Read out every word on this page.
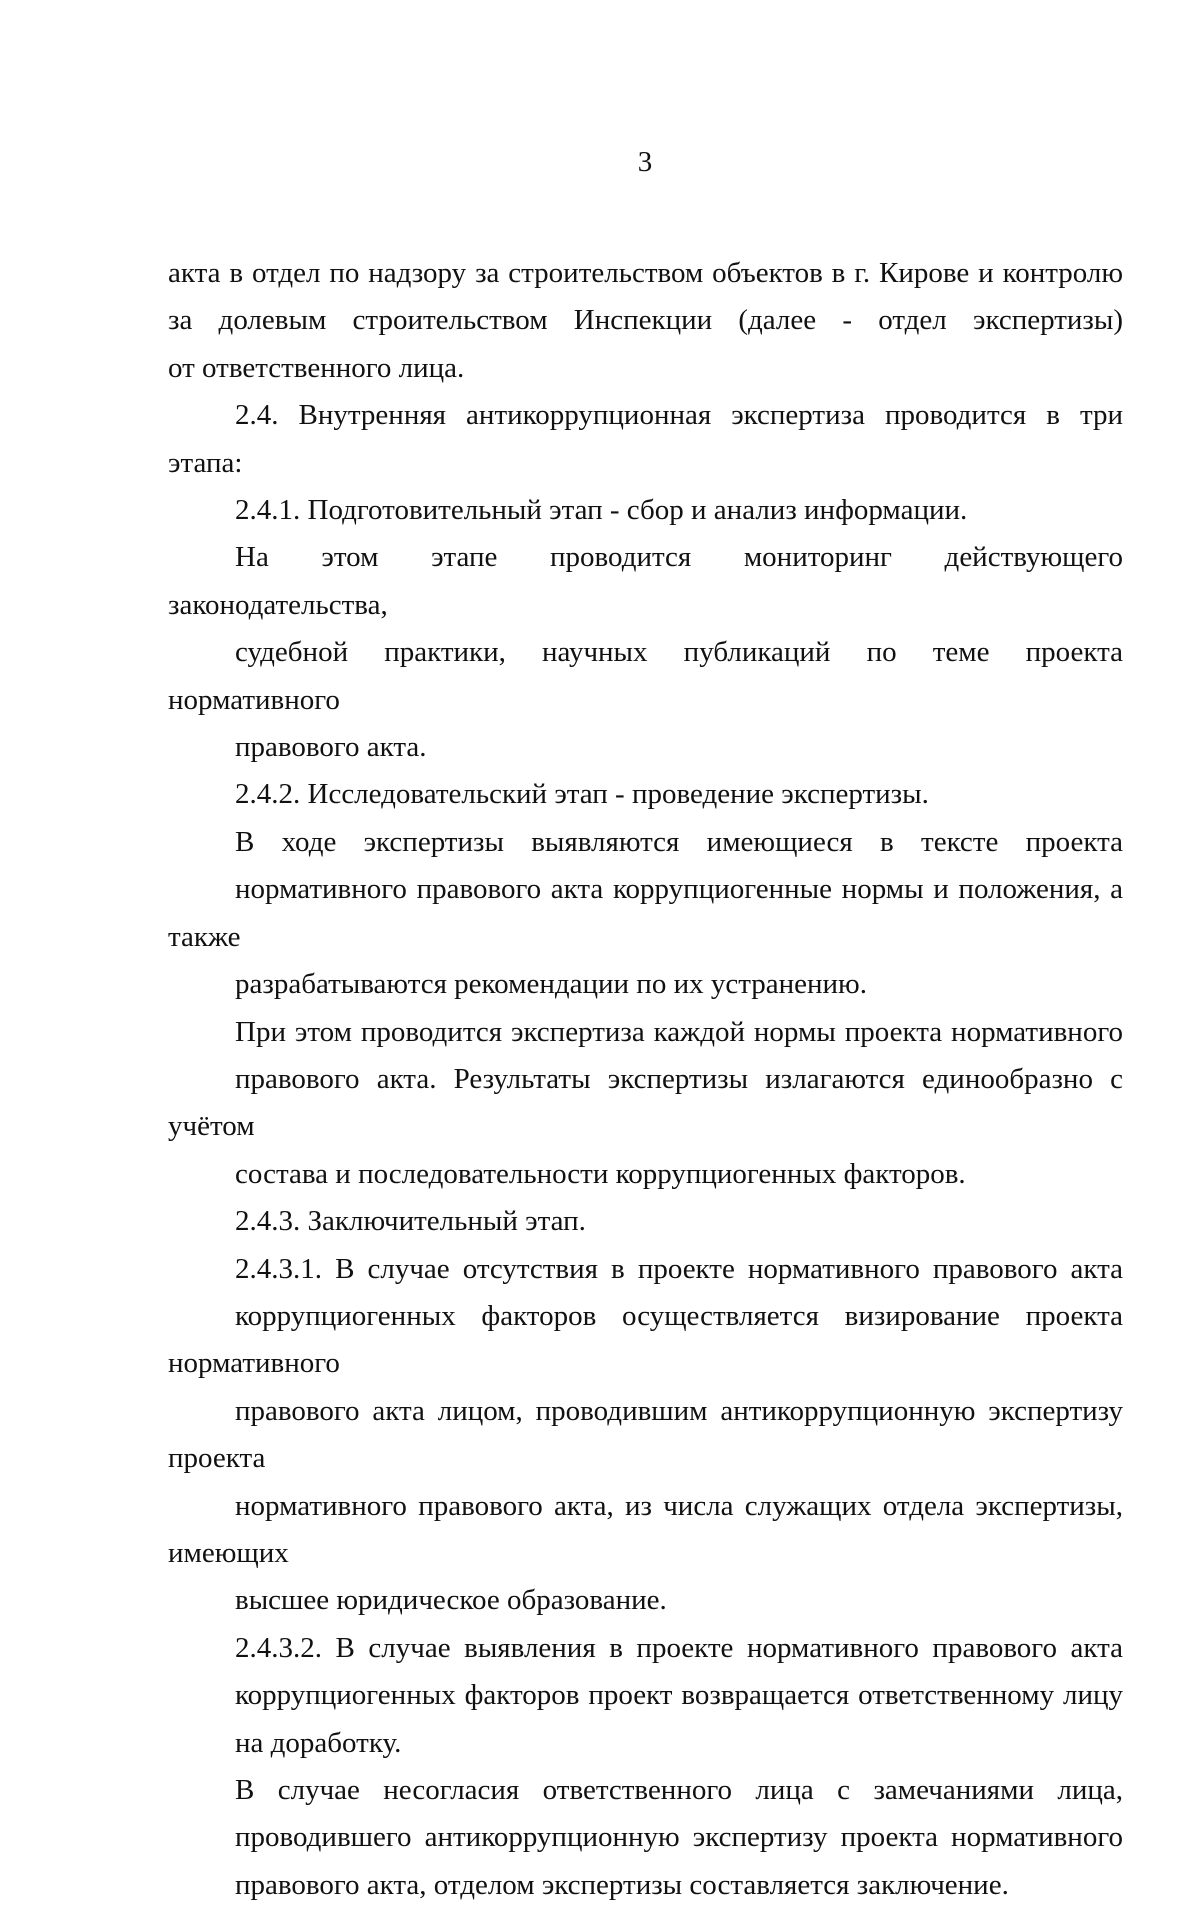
3
акта в отдел по надзору за строительством объектов в г. Кирове и контролю
за долевым строительством Инспекции (далее - отдел экспертизы)
от ответственного лица.
2.4. Внутренняя антикоррупционная экспертиза проводится в три этапа:
2.4.1. Подготовительный этап - сбор и анализ информации.
На этом этапе проводится мониторинг действующего законодательства,
судебной практики, научных публикаций по теме проекта нормативного
правового акта.
2.4.2. Исследовательский этап - проведение экспертизы.
В ходе экспертизы выявляются имеющиеся в тексте проекта
нормативного правового акта коррупциогенные нормы и положения, а также
разрабатываются рекомендации по их устранению.
При этом проводится экспертиза каждой нормы проекта нормативного
правового акта. Результаты экспертизы излагаются единообразно с учётом
состава и последовательности коррупциогенных факторов.
2.4.3. Заключительный этап.
2.4.3.1. В случае отсутствия в проекте нормативного правового акта
коррупциогенных факторов осуществляется визирование проекта нормативного
правового акта лицом, проводившим антикоррупционную экспертизу проекта
нормативного правового акта, из числа служащих отдела экспертизы, имеющих
высшее юридическое образование.
2.4.3.2. В случае выявления в проекте нормативного правового акта
коррупциогенных факторов проект возвращается ответственному лицу
на доработку.
В случае несогласия ответственного лица с замечаниями лица,
проводившего антикоррупционную экспертизу проекта нормативного
правового акта, отделом экспертизы составляется заключение.
